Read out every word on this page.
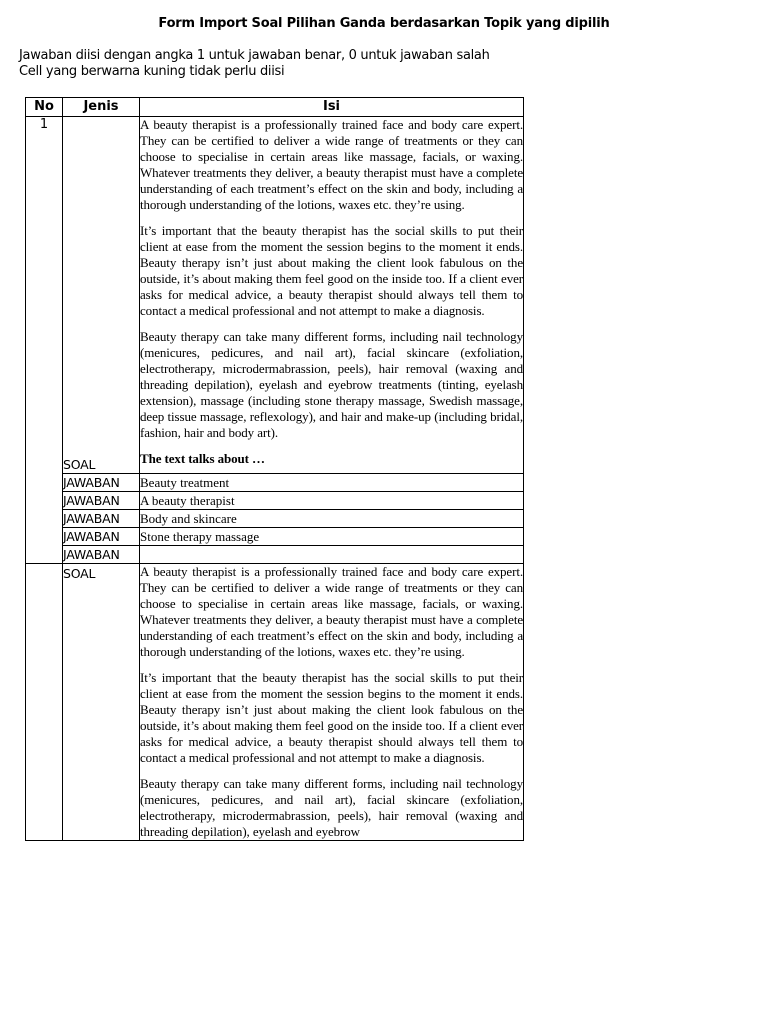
Form Import Soal Pilihan Ganda berdasarkan Topik yang dipilih
Jawaban diisi dengan angka 1 untuk jawaban benar, 0 untuk jawaban salah
Cell yang berwarna kuning tidak perlu diisi
No	Jenis	Isi
1	SOAL	A beauty therapist is a professionally trained face and body care expert. They can be certified to deliver a wide range of treatments or they can choose to specialise in certain areas like massage, facials, or waxing. Whatever treatments they deliver, a beauty therapist must have a complete understanding of each treatment’s effect on the skin and body, including a thorough understanding of the lotions, waxes etc. they’re using.

It’s important that the beauty therapist has the social skills to put their client at ease from the moment the session begins to the moment it ends. Beauty therapy isn’t just about making the client look fabulous on the outside, it’s about making them feel good on the inside too. If a client ever asks for medical advice, a beauty therapist should always tell them to contact a medical professional and not attempt to make a diagnosis.

Beauty therapy can take many different forms, including nail technology (menicures, pedicures, and nail art), facial skincare (exfoliation, electrotherapy, microdermabrassion, peels), hair removal (waxing and threading depilation), eyelash and eyebrow treatments (tinting, eyelash extension), massage (including stone therapy massage, Swedish massage, deep tissue massage, reflexology), and hair and make-up (including bridal, fashion, hair and body art).

The text talks about …

	JAWABAN	Beauty treatment
	JAWABAN	A beauty therapist
	JAWABAN	Body and skincare
	JAWABAN	Stone therapy massage
	JAWABAN	
	SOAL	A beauty therapist is a professionally trained face and body care expert. They can be certified to deliver a wide range of treatments or they can choose to specialise in certain areas like massage, facials, or waxing. Whatever treatments they deliver, a beauty therapist must have a complete understanding of each treatment’s effect on the skin and body, including a thorough understanding of the lotions, waxes etc. they’re using.

It’s important that the beauty therapist has the social skills to put their client at ease from the moment the session begins to the moment it ends. Beauty therapy isn’t just about making the client look fabulous on the outside, it’s about making them feel good on the inside too. If a client ever asks for medical advice, a beauty therapist should always tell them to contact a medical professional and not attempt to make a diagnosis.

Beauty therapy can take many different forms, including nail technology (menicures, pedicures, and nail art), facial skincare (exfoliation, electrotherapy, microdermabrassion, peels), hair removal (waxing and threading depilation), eyelash and eyebrow
